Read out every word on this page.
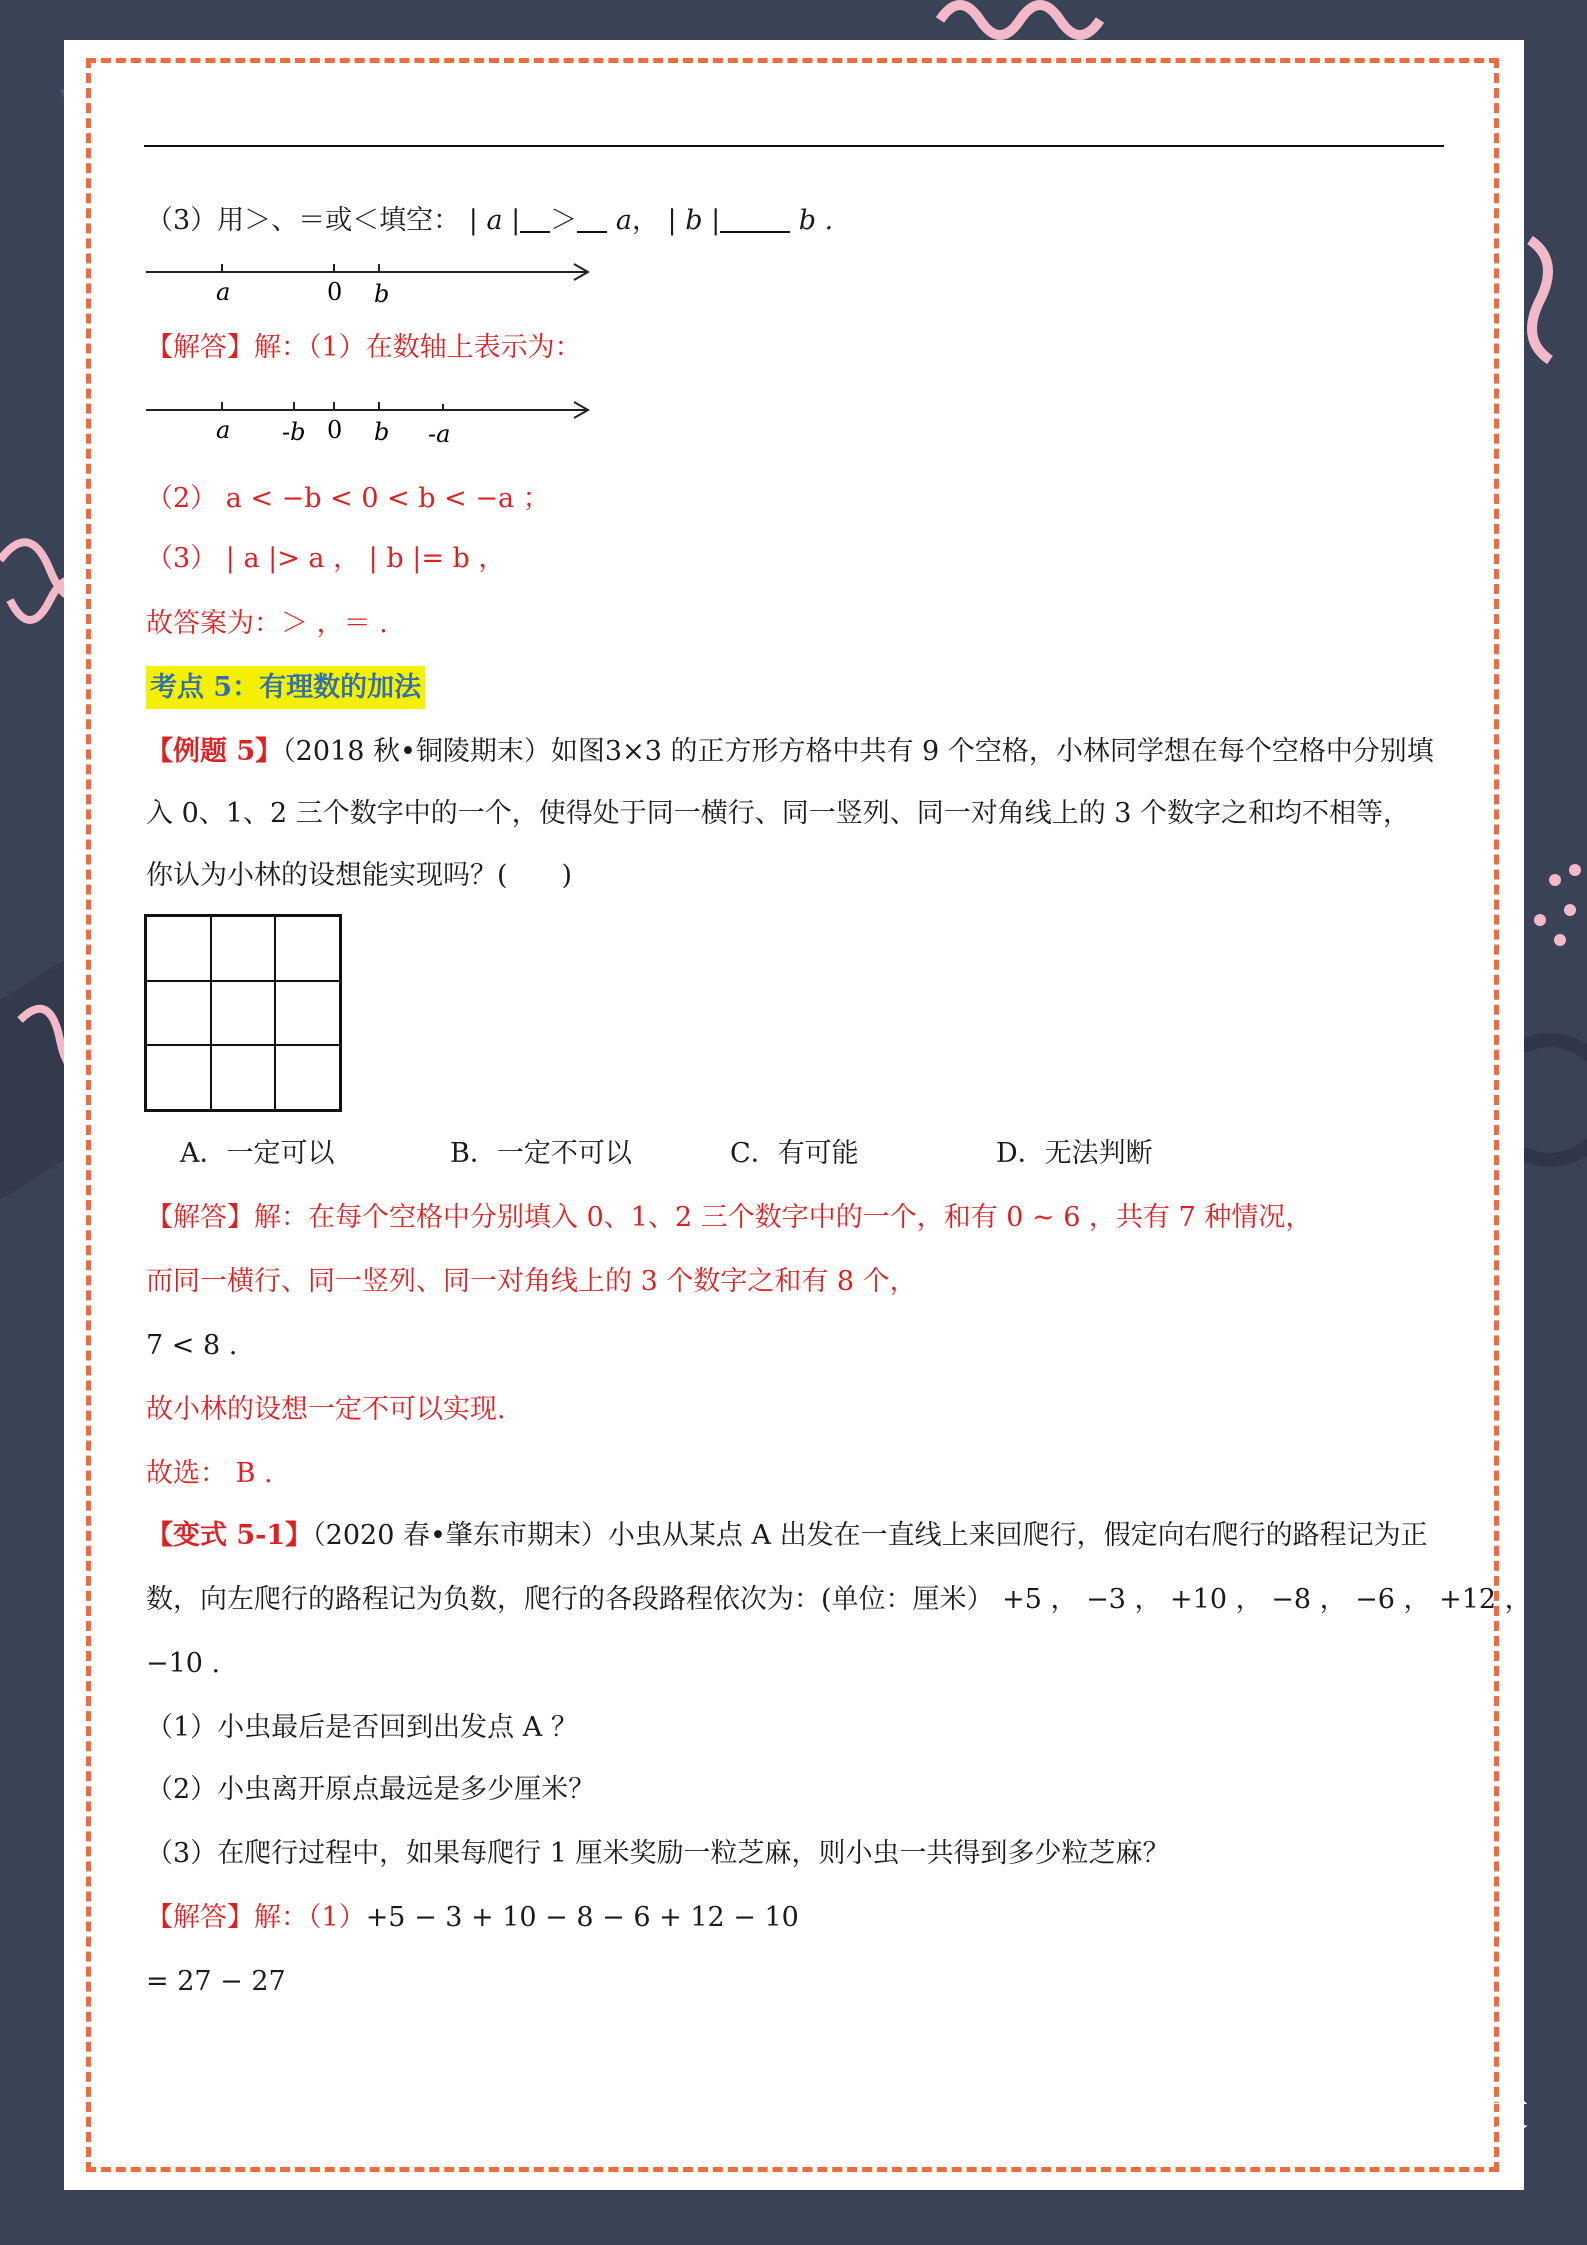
（3）用＞、＝或＜填空： | a | ＞ a， | b |	b .
a	0 b
【解答】解：（1）在数轴上表示为：
a -b 0 b -a
（2） a < −b < 0 < b < −a ；
（3） | a |> a ， | b |= b ，
故答案为：＞ ，＝ .
考点 5：有理数的加法
【例题 5】（2018 秋•铜陵期末）如图3×3 的正方形方格中共有 9 个空格，小林同学想在每个空格中分别填
入 0、1、2 三个数字中的一个，使得处于同一横行、同一竖列、同一对角线上的 3 个数字之和均不相等，
你认为小林的设想能实现吗？(　　)
A．一定可以	B．一定不可以	C．有可能	D．无法判断
【解答】解：在每个空格中分别填入 0、1、2 三个数字中的一个，和有 0 ~ 6 ，共有 7 种情况，
而同一横行、同一竖列、同一对角线上的 3 个数字之和有 8 个，
7 < 8 .
故小林的设想一定不可以实现.
故选： B .
【变式 5-1】（2020 春•肇东市期末）小虫从某点 A 出发在一直线上来回爬行，假定向右爬行的路程记为正
数，向左爬行的路程记为负数，爬行的各段路程依次为：(单位：厘米） +5 ， −3 ， +10 ， −8 ， −6 ， +12 ，
−10 .
（1）小虫最后是否回到出发点 A ？
（2）小虫离开原点最远是多少厘米？
（3）在爬行过程中，如果每爬行 1 厘米奖励一粒芝麻，则小虫一共得到多少粒芝麻？
【解答】解：（1）+5 − 3 + 10 − 8 − 6 + 12 − 10
= 27 − 27
头条 @周老师talk英文
